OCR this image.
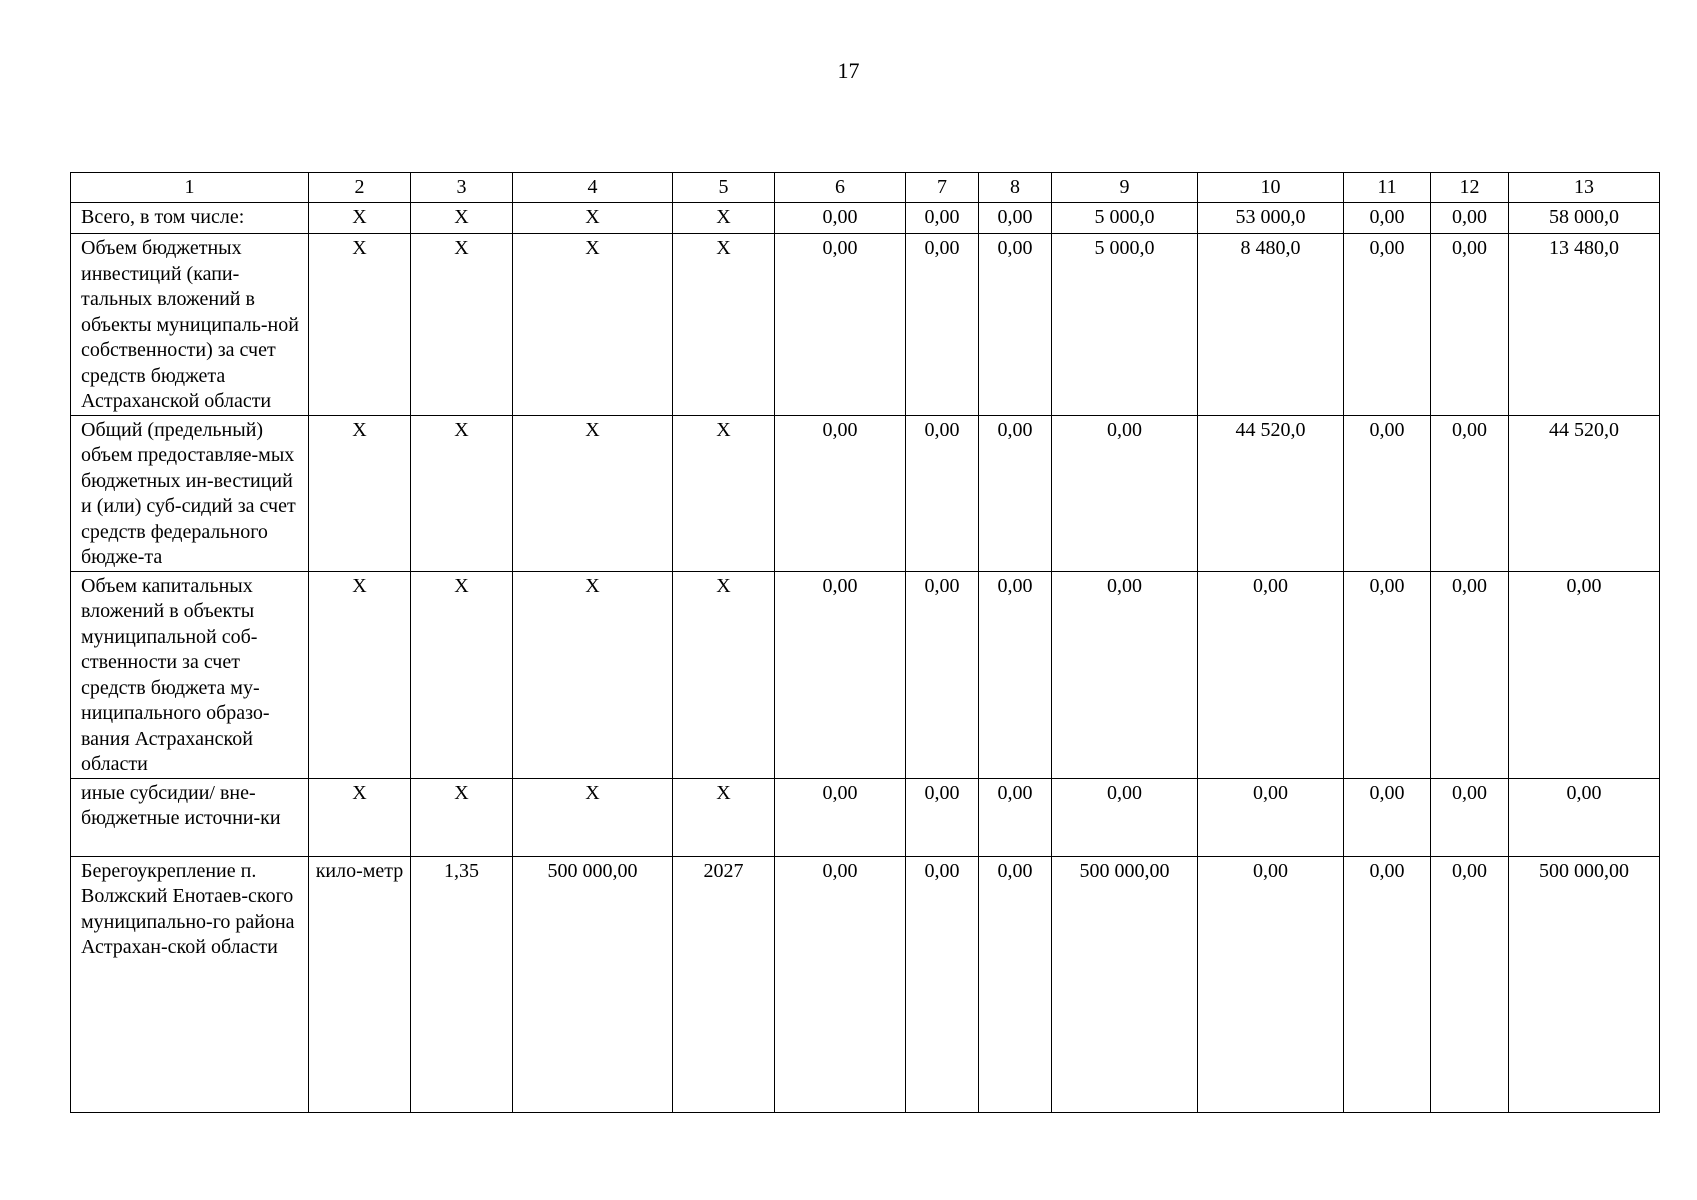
17
1	2	3	4	5	6	7	8	9	10	11	12	13
Всего, в том числе:	X	X	X	X	0,00	0,00	0,00	5 000,0	53 000,0	0,00	0,00	58 000,0
Объем бюджетных инвестиций (капи-тальных вложений в объекты муниципаль-ной собственности) за счет средств бюджета Астраханской области	X	X	X	X	0,00	0,00	0,00	5 000,0	8 480,0	0,00	0,00	13 480,0
Общий (предельный) объем предоставляе-мых бюджетных ин-вестиций и (или) суб-сидий за счет средств федерального бюдже-та	X	X	X	X	0,00	0,00	0,00	0,00	44 520,0	0,00	0,00	44 520,0
Объем капитальных вложений в объекты муниципальной соб-ственности за счет средств бюджета му-ниципального образо-вания Астраханской области	X	X	X	X	0,00	0,00	0,00	0,00	0,00	0,00	0,00	0,00
иные субсидии/ вне-бюджетные источни-ки	X	X	X	X	0,00	0,00	0,00	0,00	0,00	0,00	0,00	0,00
Берегоукрепление п. Волжский Енотаев-ского муниципально-го района Астрахан-ской области	кило-метр	1,35	500 000,00	2027	0,00	0,00	0,00	500 000,00	0,00	0,00	0,00	500 000,00
